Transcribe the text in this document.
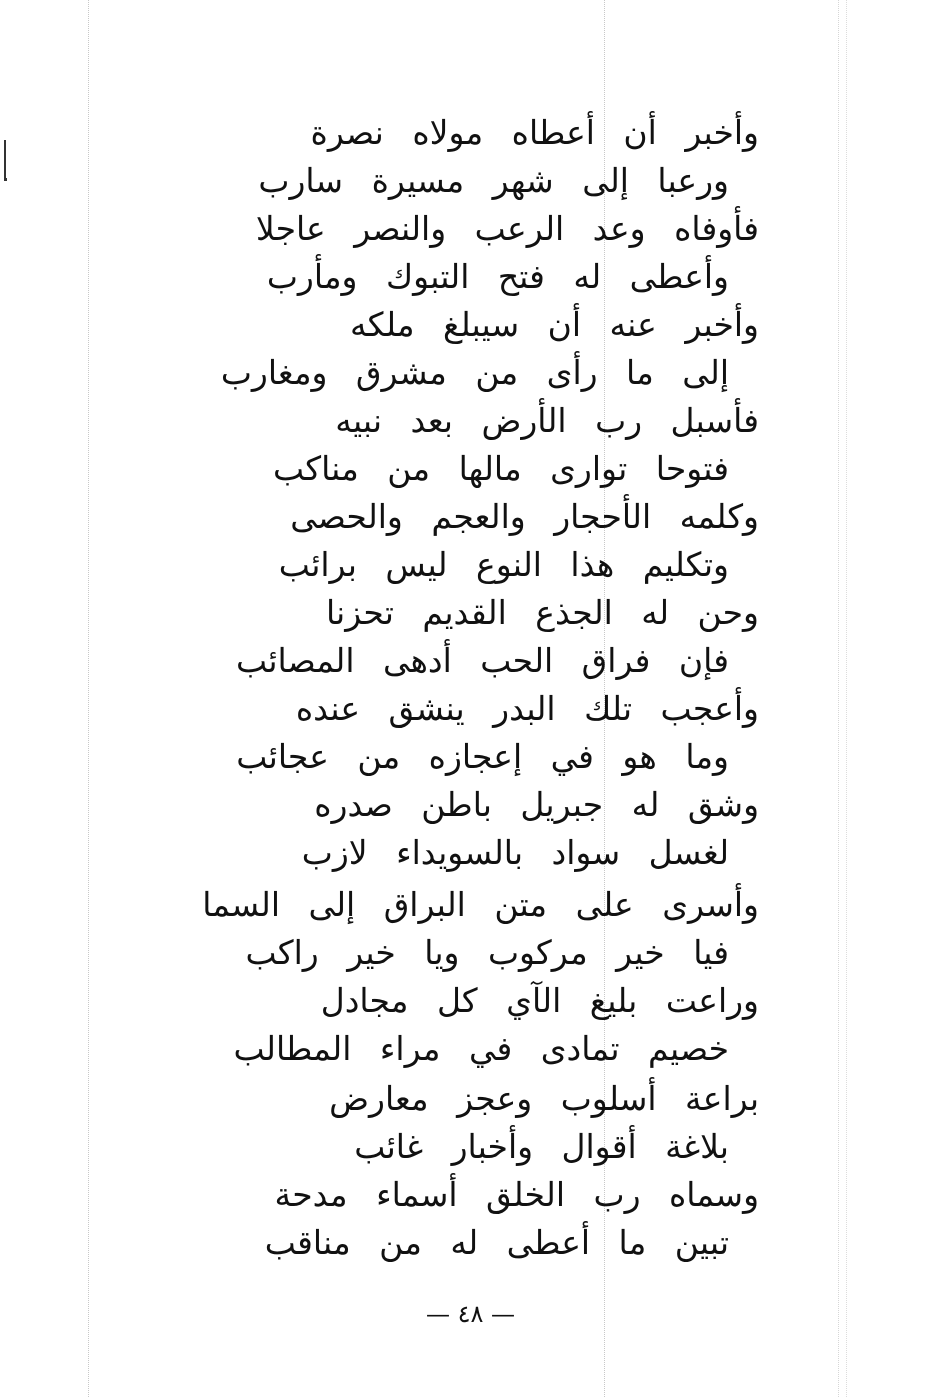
وأخبر أن أعطاه مولاه نصرة
ورعبا إلى شهر مسيرة سارب
فأوفاه وعد الرعب والنصر عاجلا
وأعطى له فتح التبوك ومأرب
وأخبر عنه أن سيبلغ ملكه
إلى ما رأى من مشرق ومغارب
فأسبل رب الأرض بعد نبيه
فتوحا توارى مالها من مناكب
وكلمه الأحجار والعجم والحصى
وتكليم هذا النوع ليس برائب
وحن له الجذع القديم تحزنا
فإن فراق الحب أدهى المصائب
وأعجب تلك البدر ينشق عنده
وما هو في إعجازه من عجائب
وشق له جبريل باطن صدره
لغسل سواد بالسويداء لازب
وأسرى على متن البراق إلى السما
فيا خير مركوب ويا خير راكب
وراعت بليغ الآي كل مجادل
خصيم تمادى في مراء المطالب
براعة أسلوب وعجز معارض
بلاغة أقوال وأخبار غائب
وسماه رب الخلق أسماء مدحة
تبين ما أعطى له من مناقب
— ٤٨ —
